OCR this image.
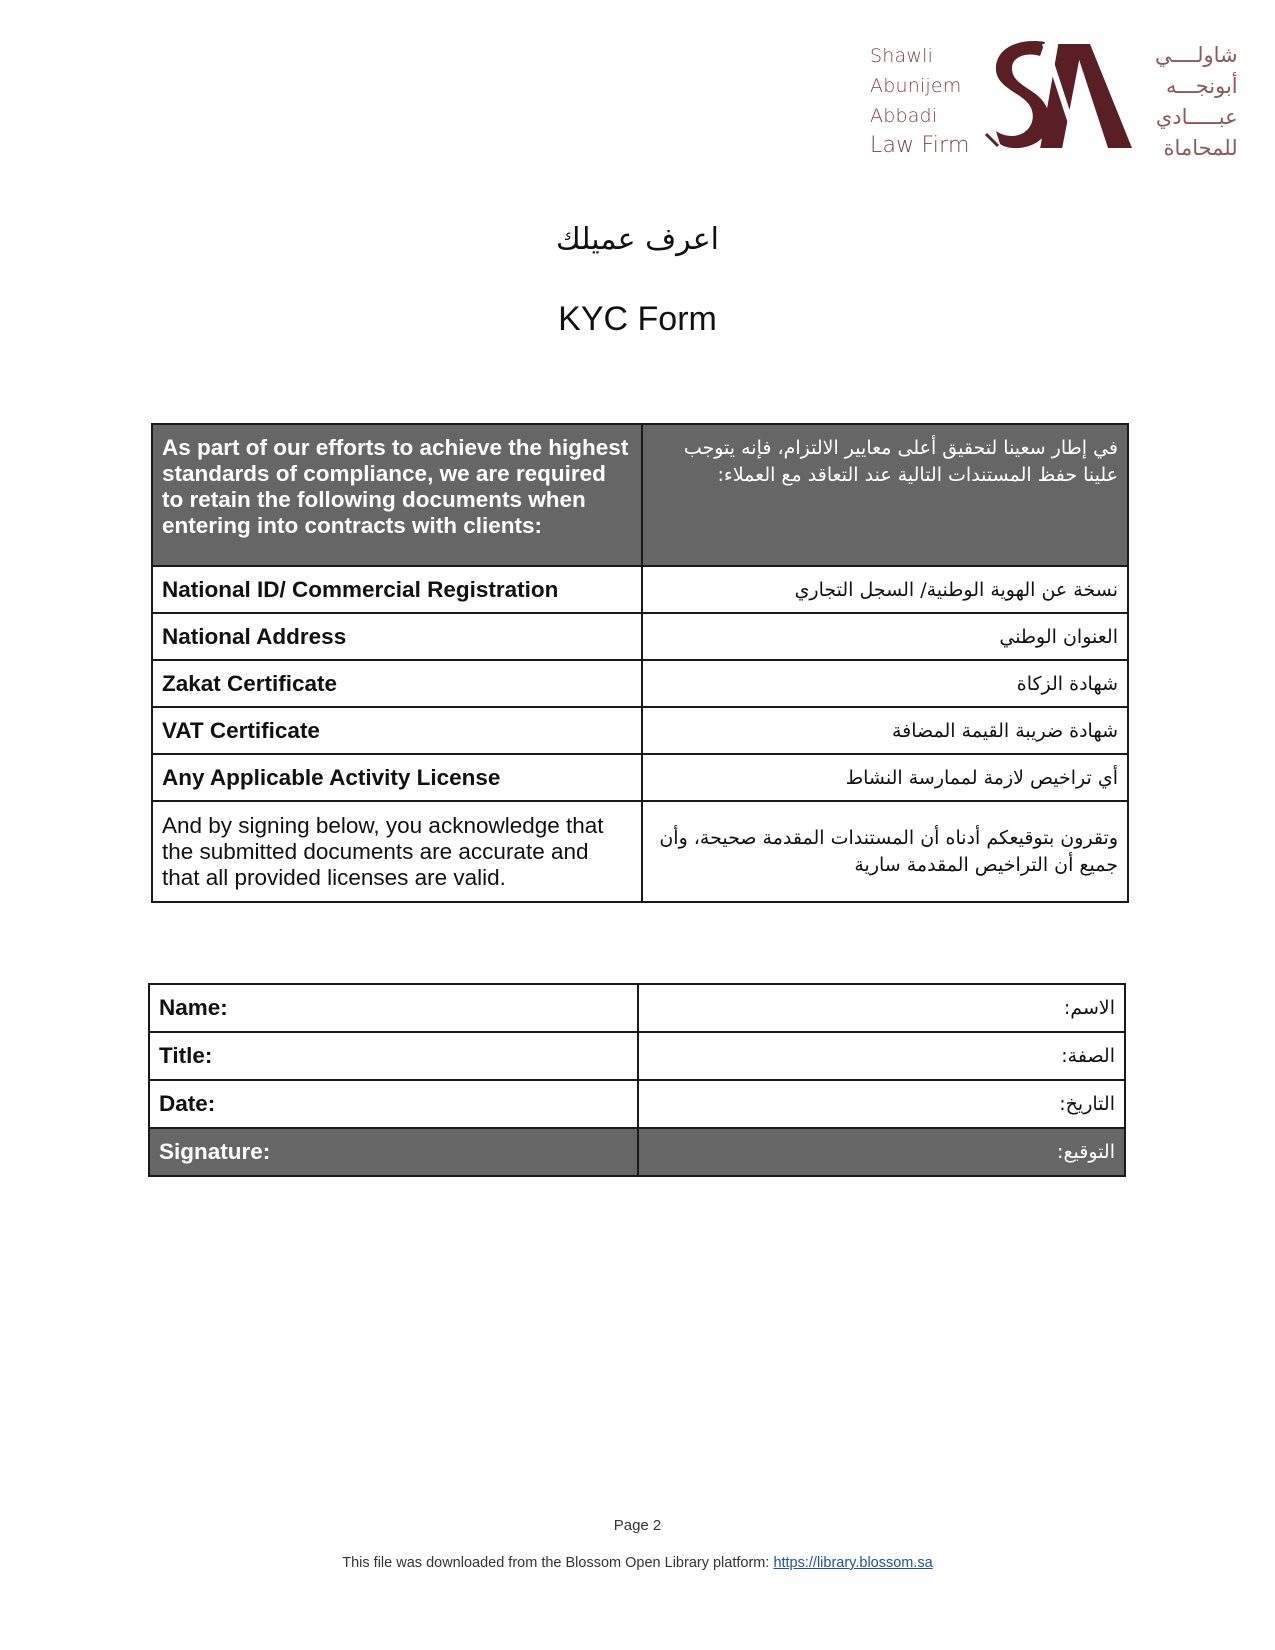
Shawli
Abunijem
Abbadi
Law Firm
شاولــــي
أبونجـــه
عبـــــادي
للمحاماة
اعرف عميلك
KYC Form
As part of our efforts to achieve the highest standards of compliance, we are required to retain the following documents when entering into contracts with clients:	في إطار سعينا لتحقيق أعلى معايير الالتزام، فإنه يتوجب علينا حفظ المستندات التالية عند التعاقد مع العملاء:
National ID/ Commercial Registration	نسخة عن الهوية الوطنية/ السجل التجاري
National Address	العنوان الوطني
Zakat Certificate	شهادة الزكاة
VAT Certificate	شهادة ضريبة القيمة المضافة
Any Applicable Activity License	أي تراخيص لازمة لممارسة النشاط
And by signing below, you acknowledge that the submitted documents are accurate and that all provided licenses are valid.	وتقرون بتوقيعكم أدناه أن المستندات المقدمة صحيحة، وأن جميع أن التراخيص المقدمة سارية
Name:	الاسم:
Title:	الصفة:
Date:	التاريخ:
Signature:	التوقيع:
Page 2
This file was downloaded from the Blossom Open Library platform: https://library.blossom.sa
